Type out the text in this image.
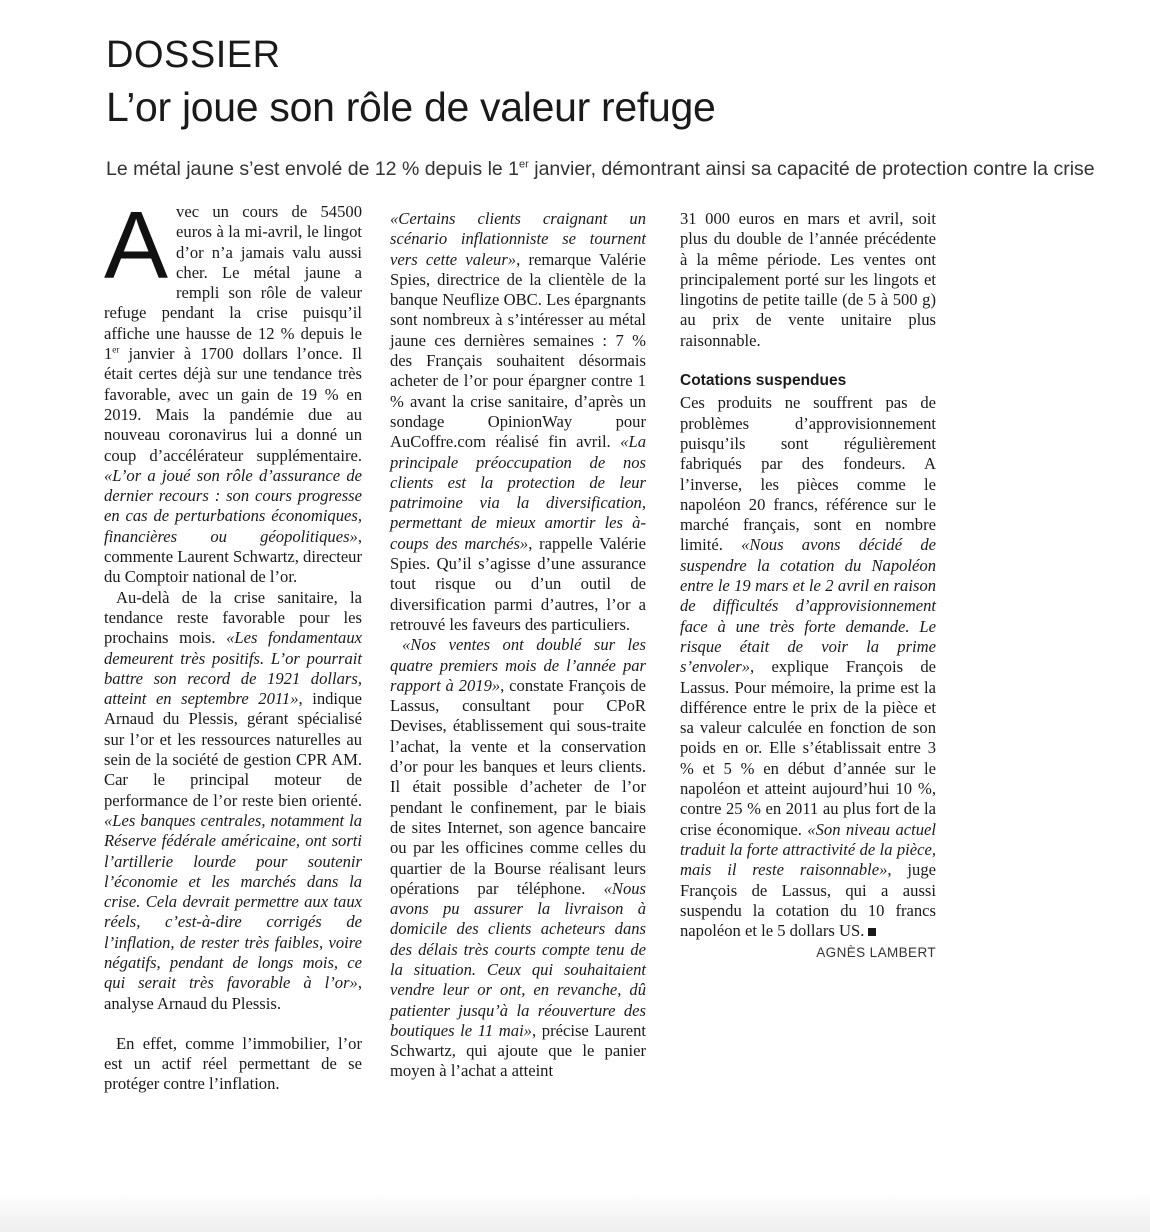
DOSSIER
L’or joue son rôle de valeur refuge
Le métal jaune s’est envolé de 12 % depuis le 1er janvier, démontrant ainsi sa capacité de protection contre la crise

Avec un cours de 54500 euros à la mi-avril, le lingot d’or n’a jamais valu aussi cher. Le métal jaune a rempli son rôle de valeur refuge pendant la crise puisqu’il affiche une hausse de 12 % depuis le 1er janvier à 1700 dollars l’once. Il était certes déjà sur une tendance très favorable, avec un gain de 19 % en 2019. Mais la pandémie due au nouveau coronavirus lui a donné un coup d’accélérateur supplémentaire. «L’or a joué son rôle d’assurance de dernier recours : son cours progresse en cas de perturbations économiques, financières ou géopolitiques», commente Laurent Schwartz, directeur du Comptoir national de l’or.

Au-delà de la crise sanitaire, la tendance reste favorable pour les prochains mois. «Les fondamentaux demeurent très positifs. L’or pourrait battre son record de 1921 dollars, atteint en septembre 2011», indique Arnaud du Plessis, gérant spécialisé sur l’or et les ressources naturelles au sein de la société de gestion CPR AM. Car le principal moteur de performance de l’or reste bien orienté. «Les banques centrales, notamment la Réserve fédérale américaine, ont sorti l’artillerie lourde pour soutenir l’économie et les marchés dans la crise. Cela devrait permettre aux taux réels, c’est-à-dire corrigés de l’inflation, de rester très faibles, voire négatifs, pendant de longs mois, ce qui serait très favorable à l’or», analyse Arnaud du Plessis.

En effet, comme l’immobilier, l’or est un actif réel permettant de se protéger contre l’inflation.

«Certains clients craignant un scénario inflationniste se tournent vers cette valeur», remarque Valérie Spies, directrice de la clientèle de la banque Neuflize OBC. Les épargnants sont nombreux à s’intéresser au métal jaune ces dernières semaines : 7 % des Français souhaitent désormais acheter de l’or pour épargner contre 1 % avant la crise sanitaire, d’après un sondage OpinionWay pour AuCoffre.com réalisé fin avril. «La principale préoccupation de nos clients est la protection de leur patrimoine via la diversification, permettant de mieux amortir les à-coups des marchés», rappelle Valérie Spies. Qu’il s’agisse d’une assurance tout risque ou d’un outil de diversification parmi d’autres, l’or a retrouvé les faveurs des particuliers.

«Nos ventes ont doublé sur les quatre premiers mois de l’année par rapport à 2019», constate François de Lassus, consultant pour CPoR Devises, établissement qui sous-traite l’achat, la vente et la conservation d’or pour les banques et leurs clients. Il était possible d’acheter de l’or pendant le confinement, par le biais de sites Internet, son agence bancaire ou par les officines comme celles du quartier de la Bourse réalisant leurs opérations par téléphone. «Nous avons pu assurer la livraison à domicile des clients acheteurs dans des délais très courts compte tenu de la situation. Ceux qui souhaitaient vendre leur or ont, en revanche, dû patienter jusqu’à la réouverture des boutiques le 11 mai», précise Laurent Schwartz, qui ajoute que le panier moyen à l’achat a atteint

31 000 euros en mars et avril, soit plus du double de l’année précédente à la même période. Les ventes ont principalement porté sur les lingots et lingotins de petite taille (de 5 à 500 g) au prix de vente unitaire plus raisonnable.

Cotations suspendues

Ces produits ne souffrent pas de problèmes d’approvisionnement puisqu’ils sont régulièrement fabriqués par des fondeurs. A l’inverse, les pièces comme le napoléon 20 francs, référence sur le marché français, sont en nombre limité. «Nous avons décidé de suspendre la cotation du Napoléon entre le 19 mars et le 2 avril en raison de difficultés d’approvisionnement face à une très forte demande. Le risque était de voir la prime s’envoler», explique François de Lassus. Pour mémoire, la prime est la différence entre le prix de la pièce et sa valeur calculée en fonction de son poids en or. Elle s’établissait entre 3 % et 5 % en début d’année sur le napoléon et atteint aujourd’hui 10 %, contre 25 % en 2011 au plus fort de la crise économique. «Son niveau actuel traduit la forte attractivité de la pièce, mais il reste raisonnable», juge François de Lassus, qui a aussi suspendu la cotation du 10 francs napoléon et le 5 dollars US.

AGNÈS LAMBERT
